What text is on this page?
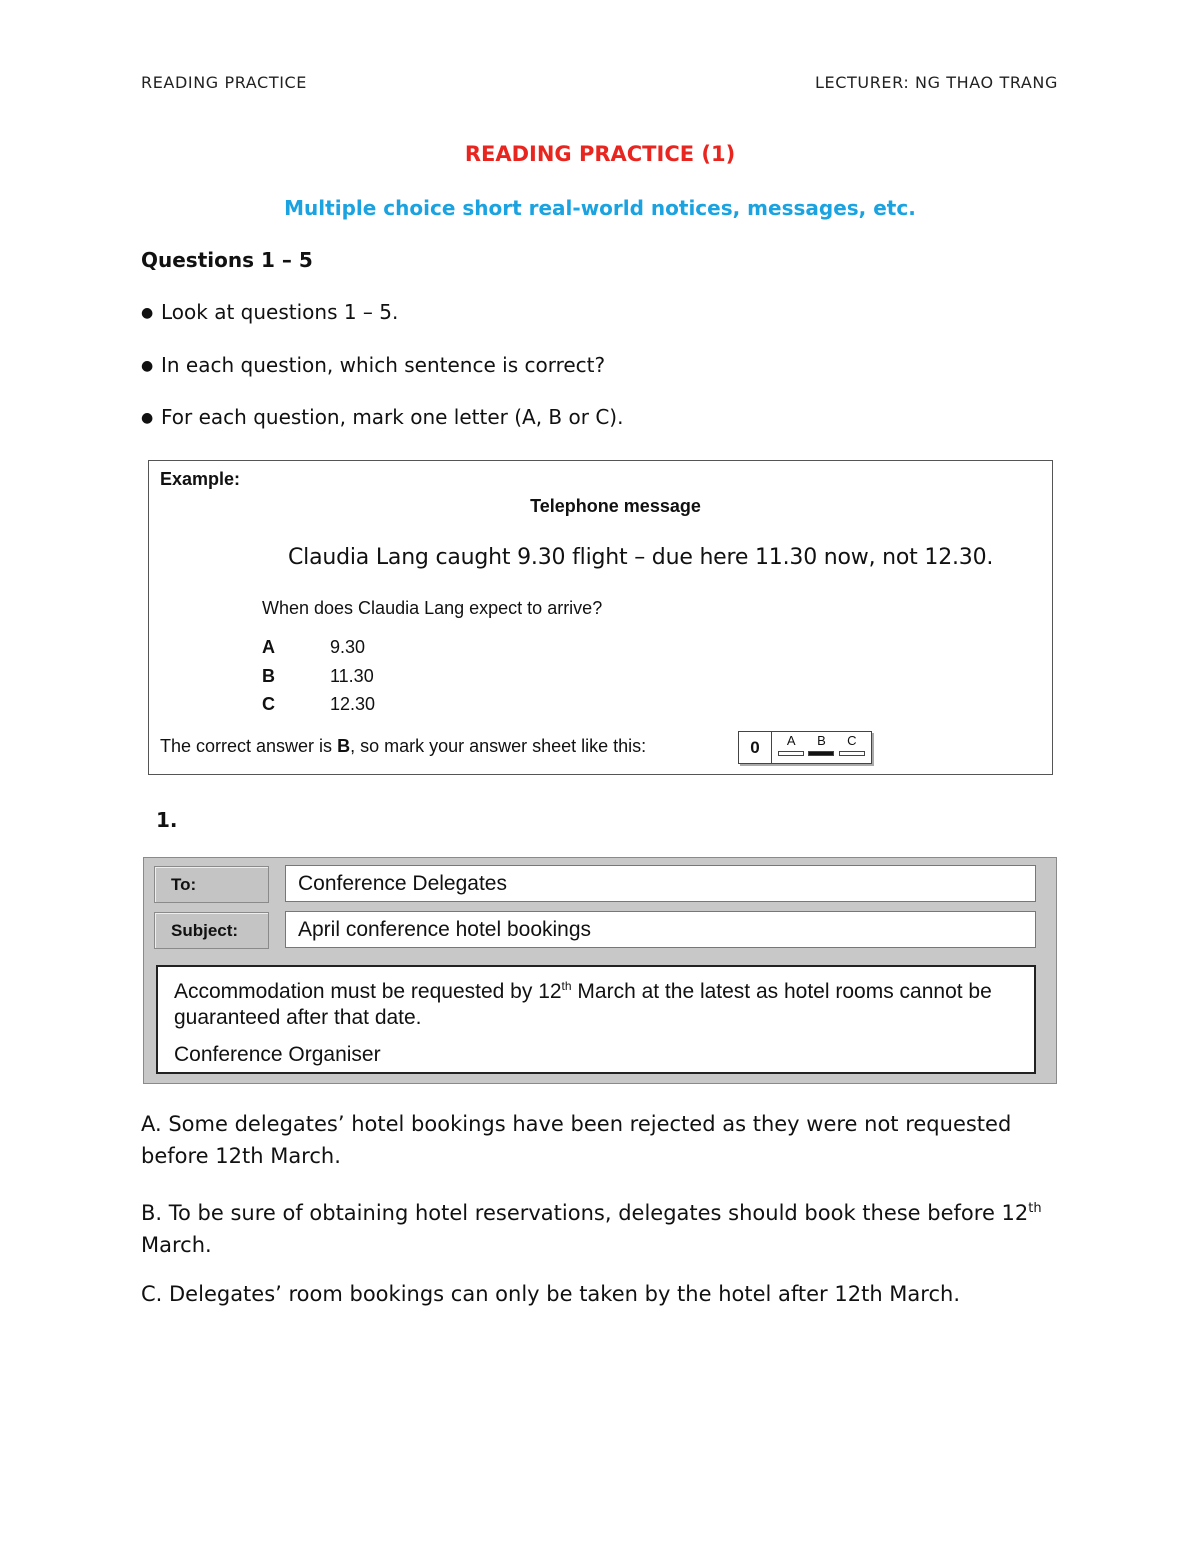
READING PRACTICE	LECTURER: NG THAO TRANG
READING PRACTICE (1)
Multiple choice short real-world notices, messages, etc.
Questions 1 – 5
● Look at questions 1 – 5.
● In each question, which sentence is correct?
● For each question, mark one letter (A, B or C).
Example:
Telephone message
Claudia Lang caught 9.30 flight – due here 11.30 now, not 12.30.
When does Claudia Lang expect to arrive?
A	9.30
B	11.30
C	12.30
The correct answer is B, so mark your answer sheet like this:	0	A B C
1.
To:	Conference Delegates
Subject:	April conference hotel bookings
Accommodation must be requested by 12th March at the latest as hotel rooms cannot be guaranteed after that date.
Conference Organiser
A. Some delegates’ hotel bookings have been rejected as they were not requested before 12th March.
B. To be sure of obtaining hotel reservations, delegates should book these before 12th March.
C. Delegates’ room bookings can only be taken by the hotel after 12th March.
